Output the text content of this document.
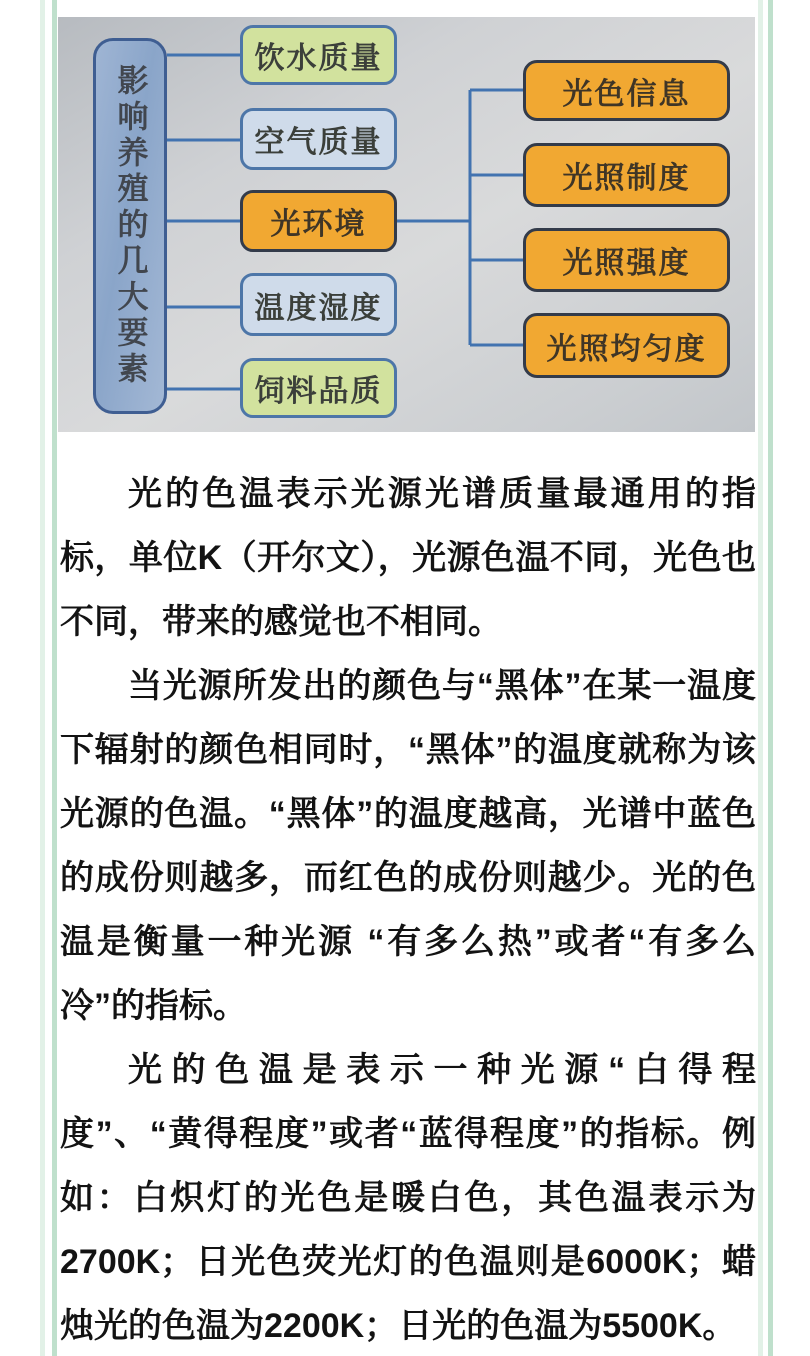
影响养殖的几大要素
饮水质量
空气质量
光环境
温度湿度
饲料品质
光色信息
光照制度
光照强度
光照均匀度

光的色温表示光源光谱质量最通用的指标，单位K（开尔文），光源色温不同，光色也不同，带来的感觉也不相同。

当光源所发出的颜色与“黑体”在某一温度下辐射的颜色相同时，“黑体”的温度就称为该光源的色温。“黑体”的温度越高，光谱中蓝色的成份则越多，而红色的成份则越少。光的色温是衡量一种光源 “有多么热”或者“有多么冷”的指标。

光的色温是表示一种光源“白得程度”、“黄得程度”或者“蓝得程度”的指标。例如：白炽灯的光色是暖白色，其色温表示为2700K；日光色荧光灯的色温则是6000K；蜡烛光的色温为2200K；日光的色温为5500K。
